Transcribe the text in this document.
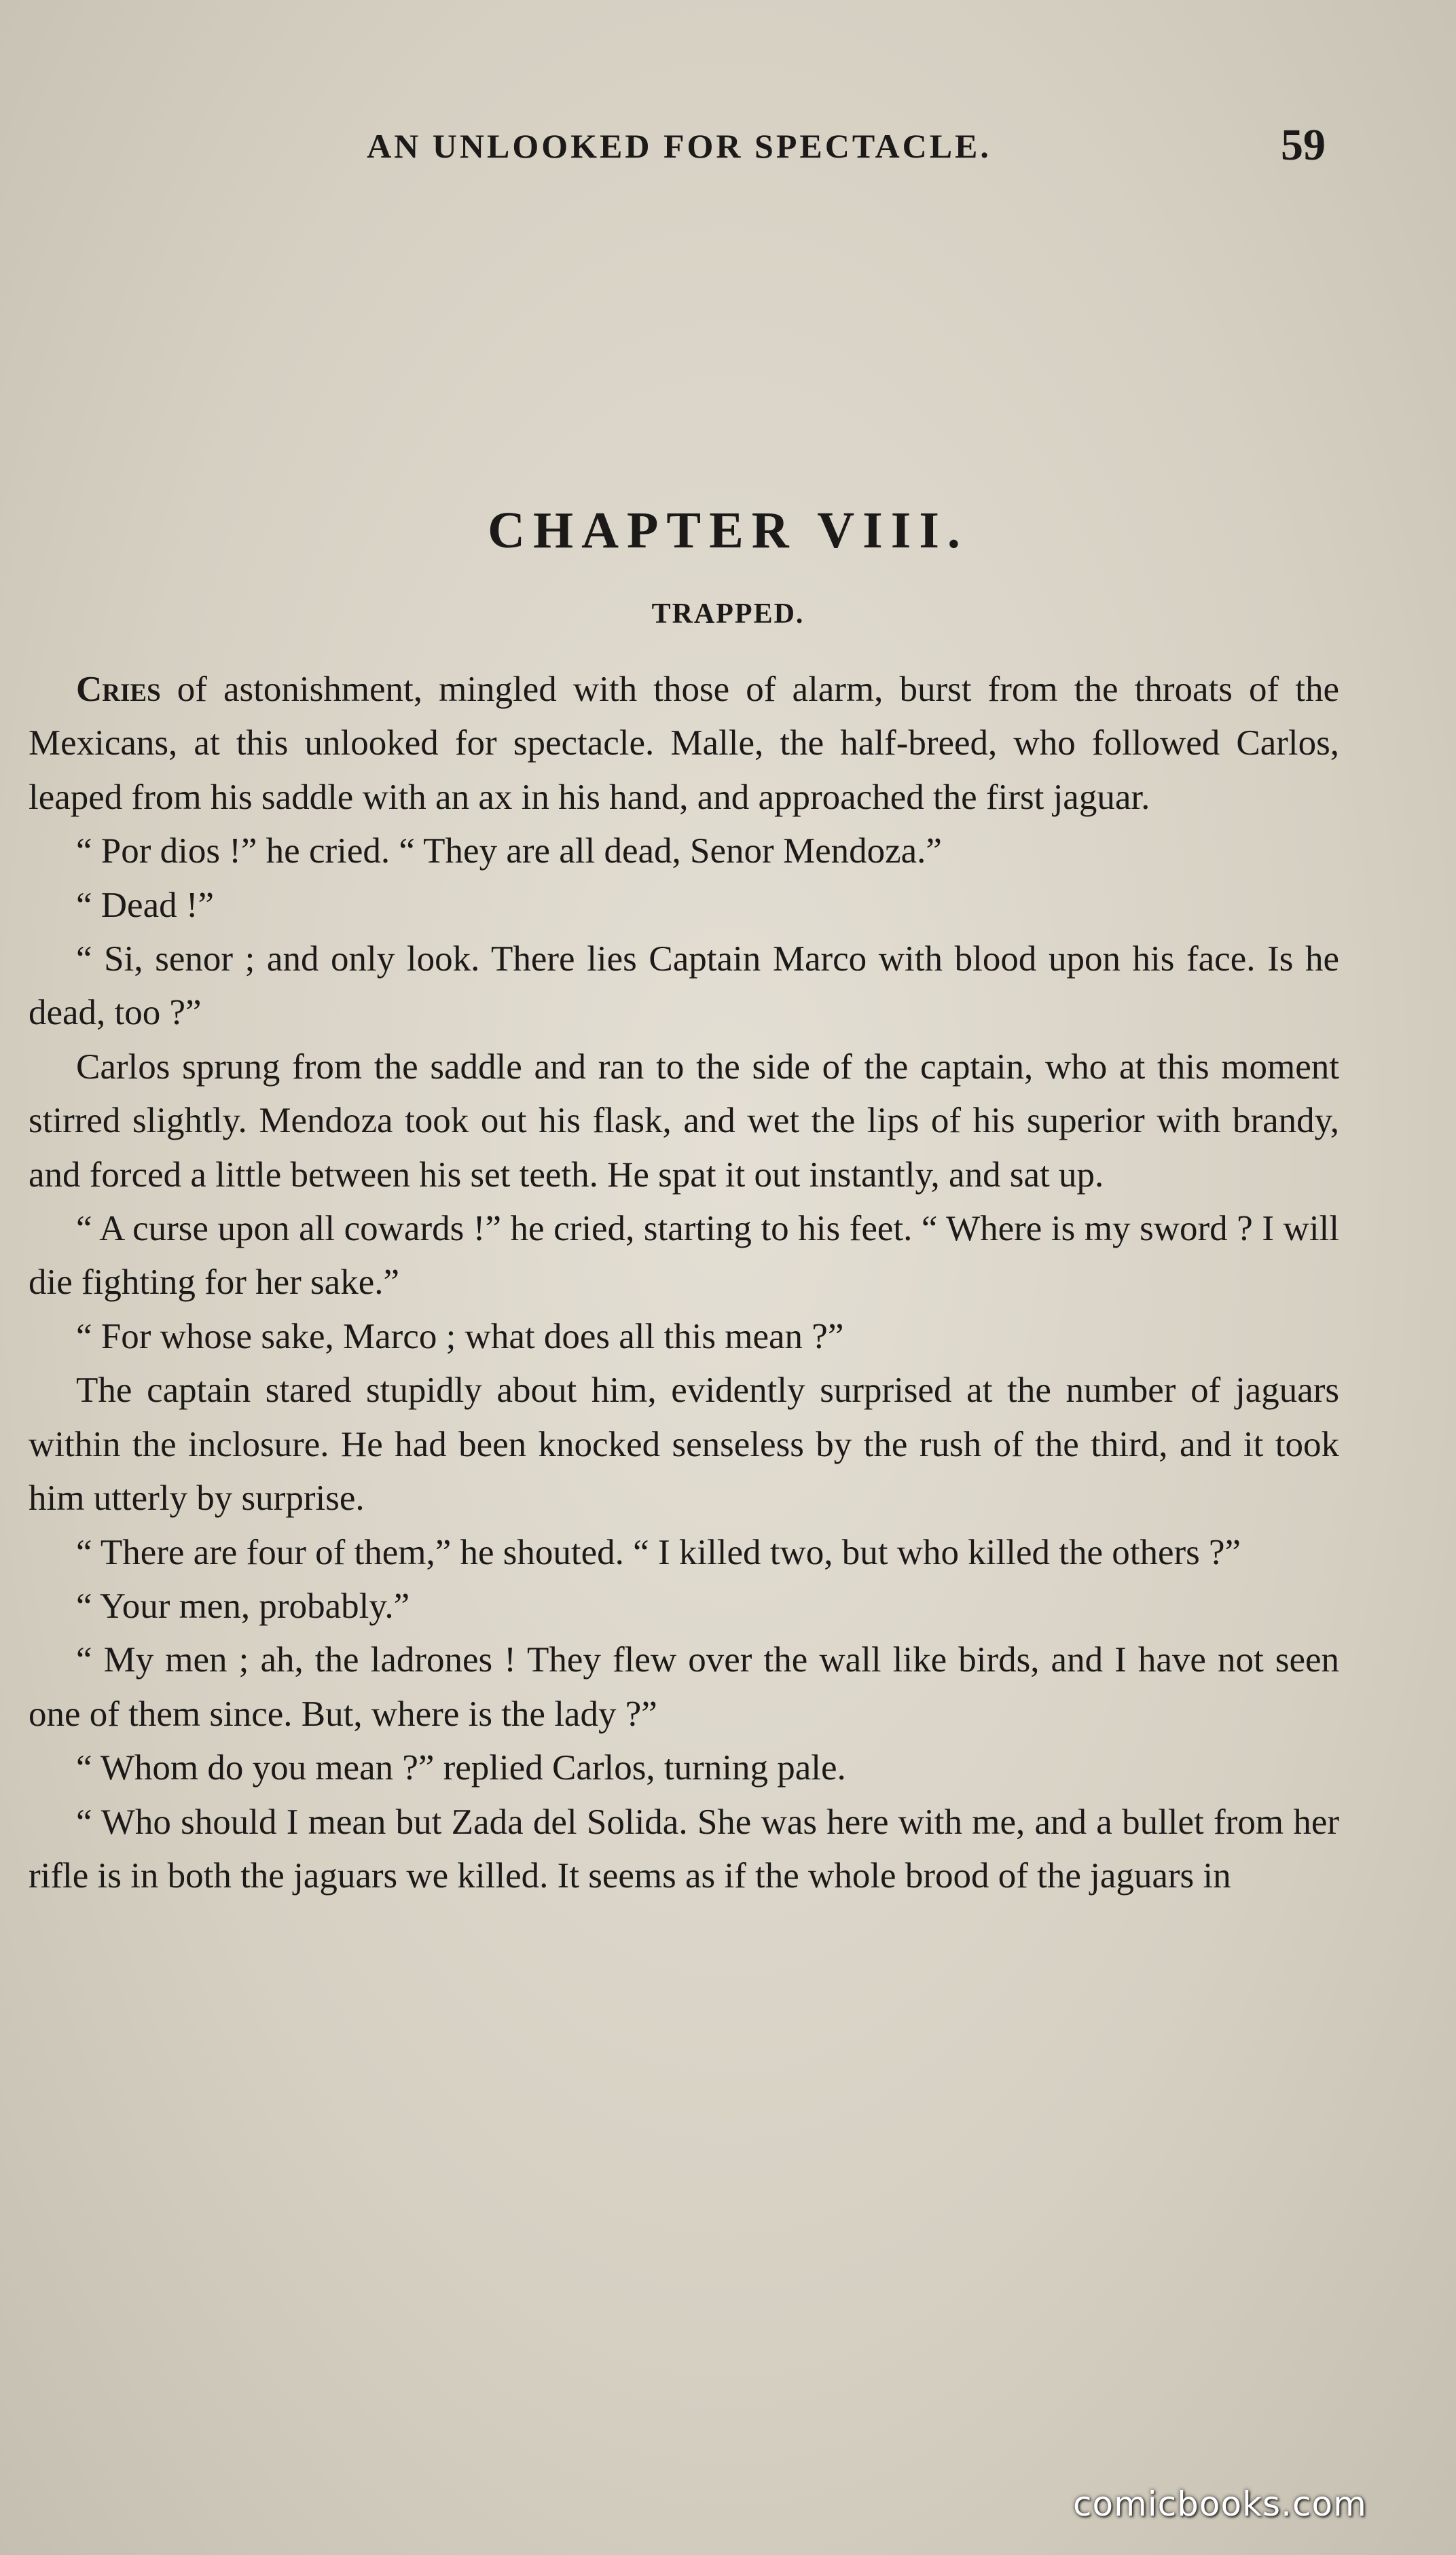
AN UNLOOKED FOR SPECTACLE.	59
CHAPTER VIII.
TRAPPED.

Cries of astonishment, mingled with those of alarm, burst from the throats of the Mexicans, at this unlooked for spectacle. Malle, the half-breed, who followed Carlos, leaped from his saddle with an ax in his hand, and approached the first jaguar.

“ Por dios !” he cried. “ They are all dead, Senor Mendoza.”

“ Dead !”

“ Si, senor ; and only look. There lies Captain Marco with blood upon his face. Is he dead, too ?”

Carlos sprung from the saddle and ran to the side of the captain, who at this moment stirred slightly. Mendoza took out his flask, and wet the lips of his superior with brandy, and forced a little between his set teeth. He spat it out instantly, and sat up.

“ A curse upon all cowards !” he cried, starting to his feet. “ Where is my sword ? I will die fighting for her sake.”

“ For whose sake, Marco ; what does all this mean ?”

The captain stared stupidly about him, evidently surprised at the number of jaguars within the inclosure. He had been knocked senseless by the rush of the third, and it took him utterly by surprise.

“ There are four of them,” he shouted. “ I killed two, but who killed the others ?”

“ Your men, probably.”

“ My men ; ah, the ladrones ! They flew over the wall like birds, and I have not seen one of them since. But, where is the lady ?”

“ Whom do you mean ?” replied Carlos, turning pale.

“ Who should I mean but Zada del Solida. She was here with me, and a bullet from her rifle is in both the jaguars we killed. It seems as if the whole brood of the jaguars in

comicbooks.com
